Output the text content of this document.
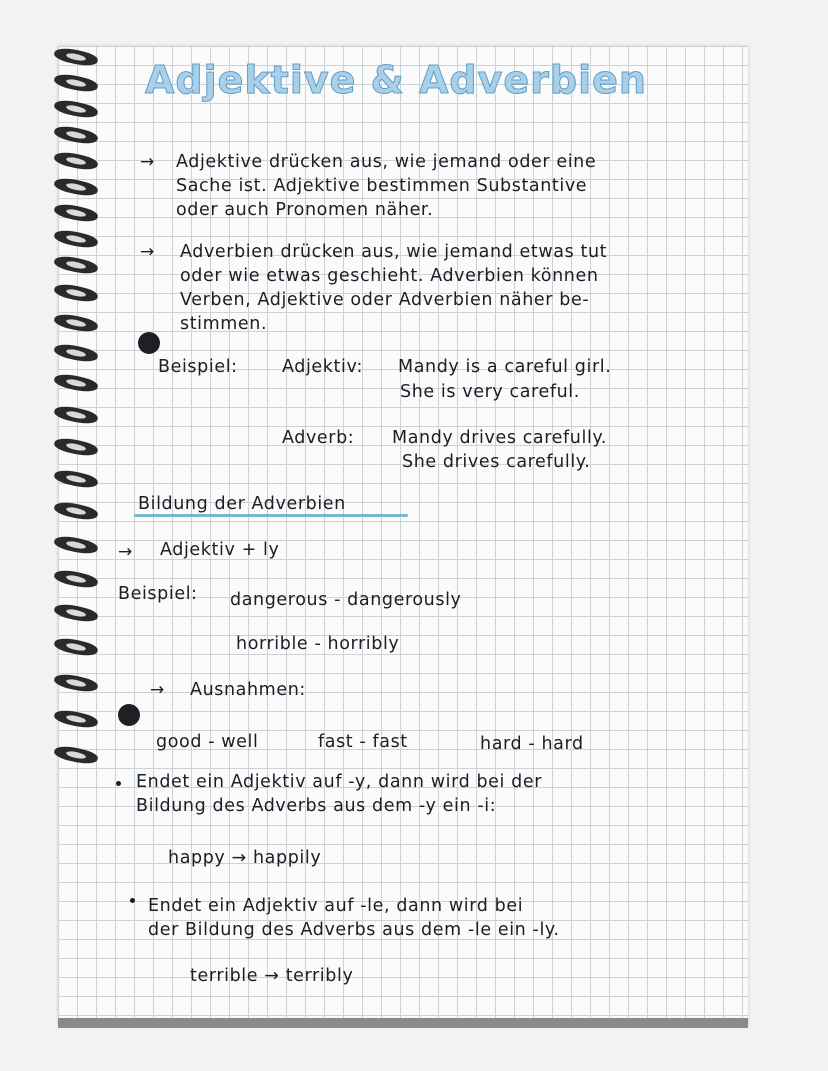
Adjektive & Adverbien
→ Adjektive drücken aus, wie jemand oder eine
Sache ist. Adjektive bestimmen Substantive
oder auch Pronomen näher.
→ Adverbien drücken aus, wie jemand etwas tut
oder wie etwas geschieht. Adverbien können
Verben, Adjektive oder Adverbien näher be-
stimmen.
Beispiel:	Adjektiv: Mandy is a careful girl.
She is very careful.
Adverb: Mandy drives carefully.
She drives carefully.
Bildung der Adverbien
→ Adjektiv + ly
Beispiel: dangerous - dangerously
horrible - horribly
→ Ausnahmen:
good - well	fast - fast	hard - hard
Endet ein Adjektiv auf -y, dann wird bei der
Bildung des Adverbs aus dem -y ein -i:
happy → happily
Endet ein Adjektiv auf -le, dann wird bei
der Bildung des Adverbs aus dem -le ein -ly.
terrible → terribly
